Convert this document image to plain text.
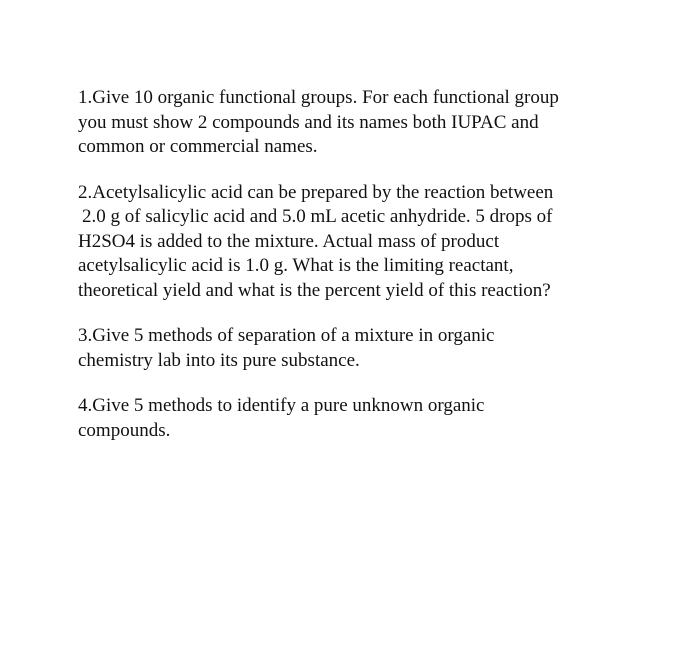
1.Give 10 organic functional groups. For each functional group
you must show 2 compounds and its names both IUPAC and
common or commercial names.

2.Acetylsalicylic acid can be prepared by the reaction between
2.0 g of salicylic acid and 5.0 mL acetic anhydride. 5 drops of
H2SO4 is added to the mixture. Actual mass of product
acetylsalicylic acid is 1.0 g. What is the limiting reactant,
theoretical yield and what is the percent yield of this reaction?

3.Give 5 methods of separation of a mixture in organic
chemistry lab into its pure substance.

4.Give 5 methods to identify a pure unknown organic
compounds.
